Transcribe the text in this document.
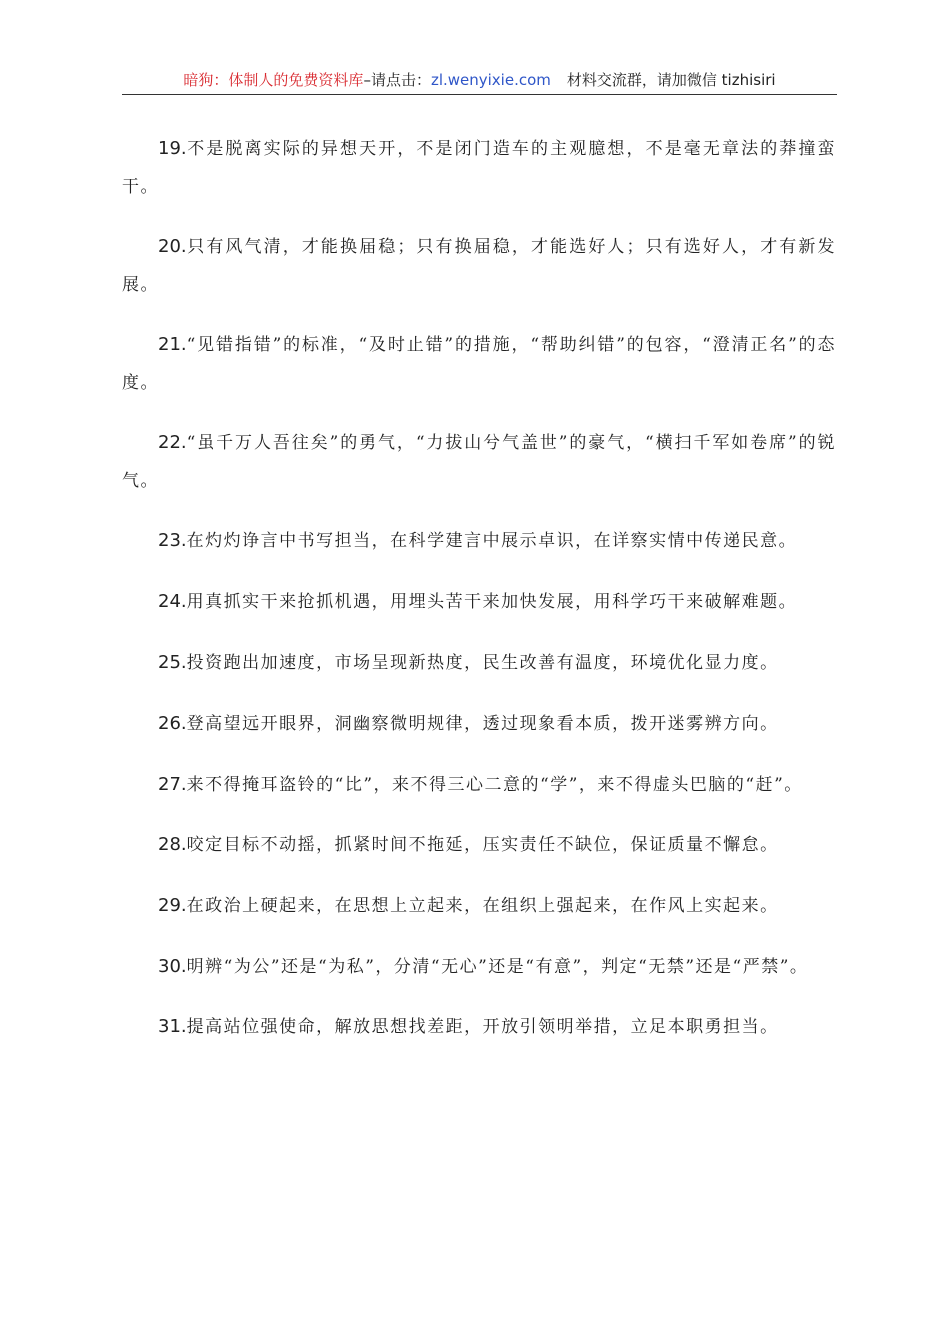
暗狗：体制人的免费资料库–请点击：zl.wenyixie.com 材料交流群，请加微信 tizhisiri

19.不是脱离实际的异想天开，不是闭门造车的主观臆想，不是毫无章法的莽撞蛮干。

20.只有风气清，才能换届稳；只有换届稳，才能选好人；只有选好人，才有新发展。

21.“见错指错”的标准，“及时止错”的措施，“帮助纠错”的包容，“澄清正名”的态度。

22.“虽千万人吾往矣”的勇气，“力拔山兮气盖世”的豪气，“横扫千军如卷席”的锐气。

23.在灼灼诤言中书写担当，在科学建言中展示卓识，在详察实情中传递民意。

24.用真抓实干来抢抓机遇，用埋头苦干来加快发展，用科学巧干来破解难题。

25.投资跑出加速度，市场呈现新热度，民生改善有温度，环境优化显力度。

26.登高望远开眼界，洞幽察微明规律，透过现象看本质，拨开迷雾辨方向。

27.来不得掩耳盗铃的“比”，来不得三心二意的“学”，来不得虚头巴脑的“赶”。

28.咬定目标不动摇，抓紧时间不拖延，压实责任不缺位，保证质量不懈怠。

29.在政治上硬起来，在思想上立起来，在组织上强起来，在作风上实起来。

30.明辨“为公”还是“为私”，分清“无心”还是“有意”，判定“无禁”还是“严禁”。

31.提高站位强使命，解放思想找差距，开放引领明举措，立足本职勇担当。
